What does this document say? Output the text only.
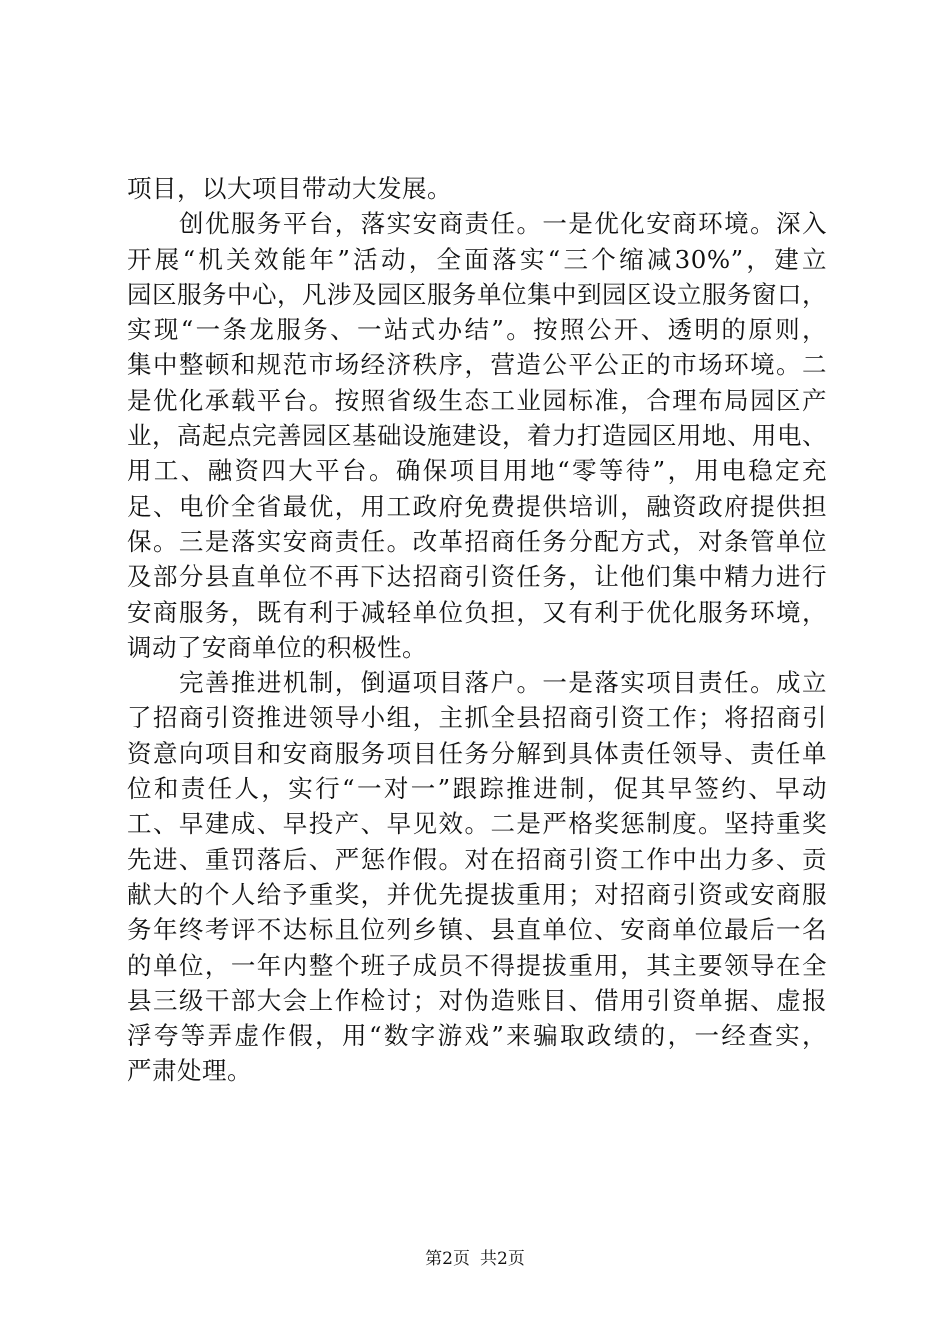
项目，以大项目带动大发展。
创优服务平台，落实安商责任。一是优化安商环境。深入
开展“机关效能年”活动，全面落实“三个缩减30%”，建立
园区服务中心，凡涉及园区服务单位集中到园区设立服务窗口，
实现“一条龙服务、一站式办结”。按照公开、透明的原则，
集中整顿和规范市场经济秩序，营造公平公正的市场环境。二
是优化承载平台。按照省级生态工业园标准，合理布局园区产
业，高起点完善园区基础设施建设，着力打造园区用地、用电、
用工、融资四大平台。确保项目用地“零等待”，用电稳定充
足、电价全省最优，用工政府免费提供培训，融资政府提供担
保。三是落实安商责任。改革招商任务分配方式，对条管单位
及部分县直单位不再下达招商引资任务，让他们集中精力进行
安商服务，既有利于减轻单位负担，又有利于优化服务环境，
调动了安商单位的积极性。
完善推进机制，倒逼项目落户。一是落实项目责任。成立
了招商引资推进领导小组，主抓全县招商引资工作；将招商引
资意向项目和安商服务项目任务分解到具体责任领导、责任单
位和责任人，实行“一对一”跟踪推进制，促其早签约、早动
工、早建成、早投产、早见效。二是严格奖惩制度。坚持重奖
先进、重罚落后、严惩作假。对在招商引资工作中出力多、贡
献大的个人给予重奖，并优先提拔重用；对招商引资或安商服
务年终考评不达标且位列乡镇、县直单位、安商单位最后一名
的单位，一年内整个班子成员不得提拔重用，其主要领导在全
县三级干部大会上作检讨；对伪造账目、借用引资单据、虚报
浮夸等弄虚作假，用“数字游戏”来骗取政绩的，一经查实，
严肃处理。
第2页 共2页
